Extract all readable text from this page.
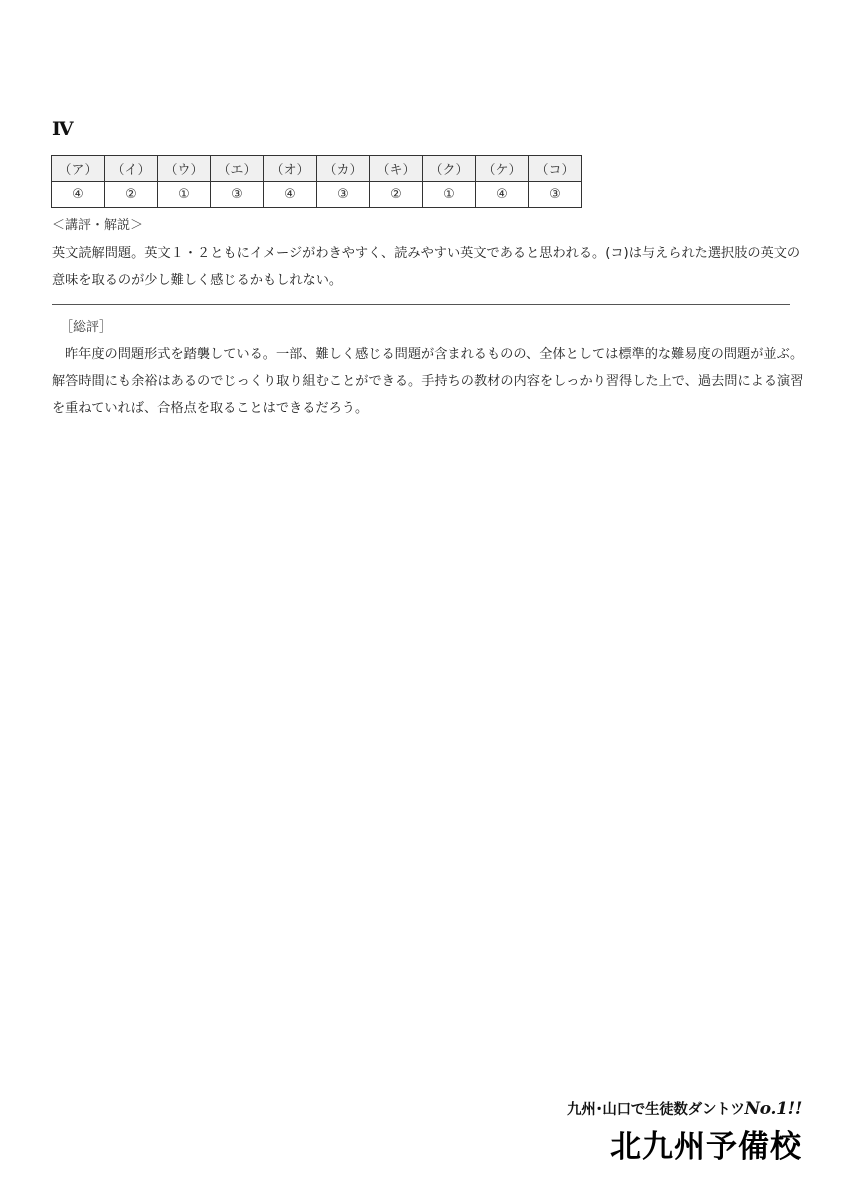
Ⅳ
（ア）	（イ）	（ウ）	（エ）	（オ）	（カ）	（キ）	（ク）	（ケ）	（コ）
④	②	①	③	④	③	②	①	④	③
＜講評・解説＞
英文読解問題。英文１・２ともにイメージがわきやすく、読みやすい英文であると思われる。(コ)は与えられた選択肢の英文の意味を取るのが少し難しく感じるかもしれない。
［総評］
昨年度の問題形式を踏襲している。一部、難しく感じる問題が含まれるものの、全体としては標準的な難易度の問題が並ぶ。解答時間にも余裕はあるのでじっくり取り組むことができる。手持ちの教材の内容をしっかり習得した上で、過去問による演習を重ねていれば、合格点を取ることはできるだろう。
九州･山口で生徒数ダントツNo.1!!
北九州予備校
